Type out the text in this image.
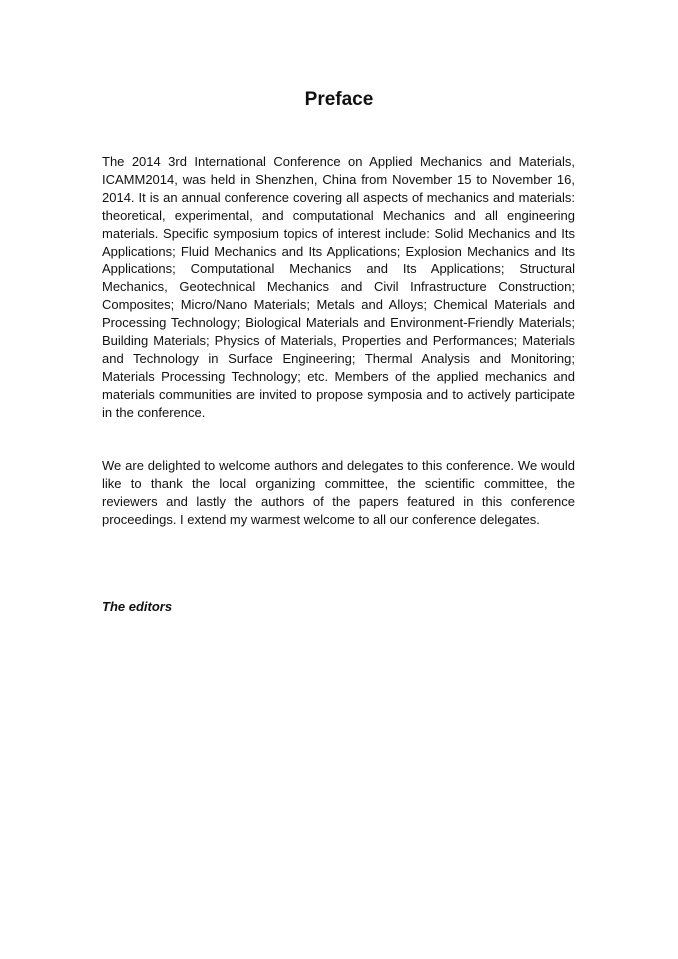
Preface

The 2014 3rd International Conference on Applied Mechanics and Materials, ICAMM2014, was held in Shenzhen, China from November 15 to November 16, 2014. It is an annual conference covering all aspects of mechanics and materials: theoretical, experimental, and computational Mechanics and all engineering materials. Specific symposium topics of interest include: Solid Mechanics and Its Applications; Fluid Mechanics and Its Applications; Explosion Mechanics and Its Applications; Computational Mechanics and Its Applications; Structural Mechanics, Geotechnical Mechanics and Civil Infrastructure Construction; Composites; Micro/Nano Materials; Metals and Alloys; Chemical Materials and Processing Technology; Biological Materials and Environment-Friendly Materials; Building Materials; Physics of Materials, Properties and Performances; Materials and Technology in Surface Engineering; Thermal Analysis and Monitoring; Materials Processing Technology; etc. Members of the applied mechanics and materials communities are invited to propose symposia and to actively participate in the conference.

We are delighted to welcome authors and delegates to this conference. We would like to thank the local organizing committee, the scientific committee, the reviewers and lastly the authors of the papers featured in this conference proceedings. I extend my warmest welcome to all our conference delegates.

The editors
